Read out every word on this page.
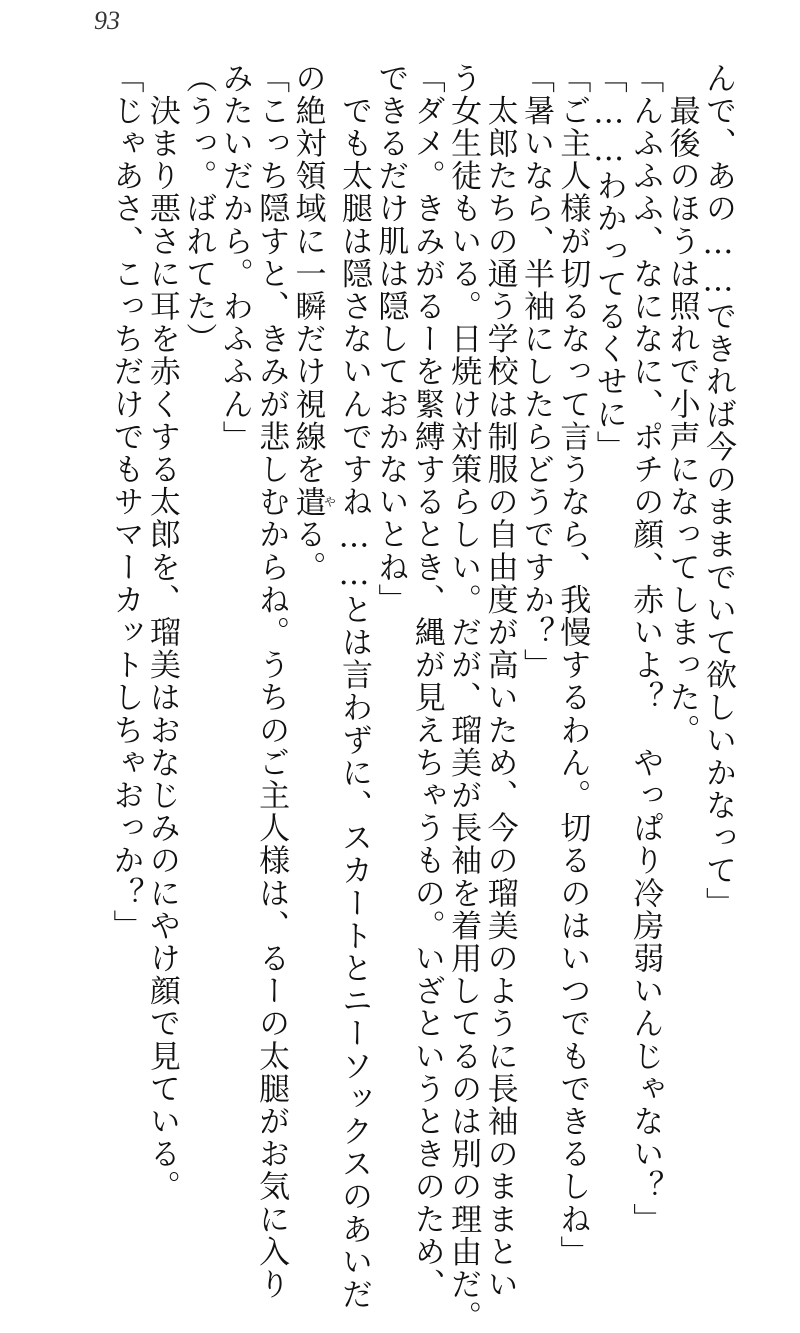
93
んで、あの……できれば今のままでいて欲しいかなって」
　最後のほうは照れで小声になってしまった。
「んふふふ、なになに、ポチの顔、赤いよ？　やっぱり冷房弱いんじゃない？」
「……わかってるくせに」
「ご主人様が切るなって言うなら、我慢するわん。切るのはいつでもできるしね」
「暑いなら、半袖にしたらどうですか？」
　太郎たちの通う学校は制服の自由度が高いため、今の瑠美のように長袖のままとい
う女生徒もいる。日焼け対策らしい。だが、瑠美が長袖を着用してるのは別の理由だ。
「ダメ。きみがるーを緊縛するとき、縄が見えちゃうもの。いざというときのため、
できるだけ肌は隠しておかないとね」
　でも太腿は隠さないんですね……とは言わずに、スカートとニーソックスのあいだ
の絶対領域に一瞬だけ視線を遣やる。
「こっち隠すと、きみが悲しむからね。うちのご主人様は、るーの太腿がお気に入り
みたいだから。わふふん」
（うっ。ばれてた）
　決まり悪さに耳を赤くする太郎を、瑠美はおなじみのにやけ顔で見ている。
「じゃあさ、こっちだけでもサマーカットしちゃおっか？」
